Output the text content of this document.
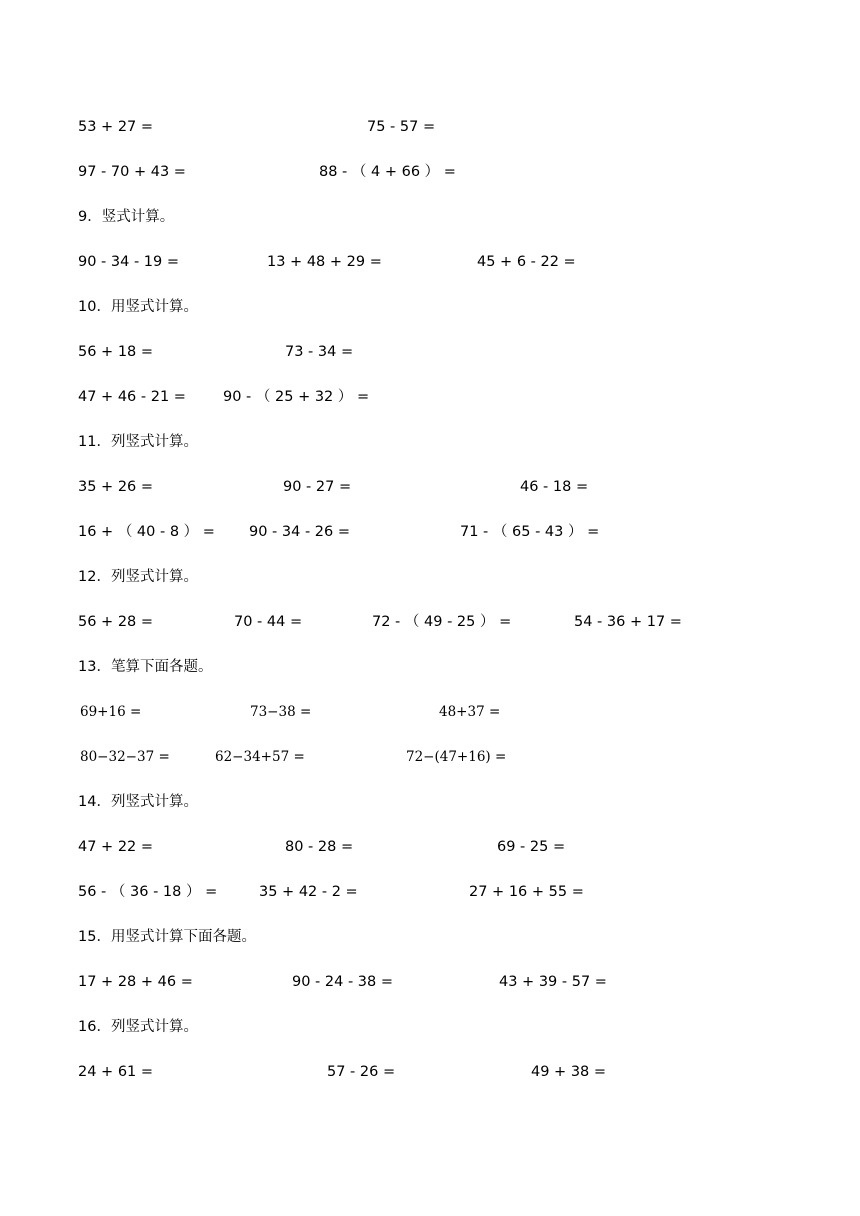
53 + 27 =	75 - 57 =
97 - 70 + 43 =	88 - （ 4 + 66 ） =
9．竖式计算。
90 - 34 - 19 =	13 + 48 + 29 =	45 + 6 - 22 =
10．用竖式计算。
56 + 18 =	73 - 34 =
47 + 46 - 21 =	90 - （ 25 + 32 ） =
11．列竖式计算。
35 + 26 =	90 - 27 =	46 - 18 =
16 + （ 40 - 8 ） = 90 - 34 - 26 =	71 - （ 65 - 43 ） =
12．列竖式计算。
56 + 28 =	70 - 44 =	72 - （ 49 - 25 ） =	54 - 36 + 17 =
13．笔算下面各题。
69+16 =	73−38 =	48+37 =
80−32−37 =	62−34+57 =	72−(47+16) =
14．列竖式计算。
47 + 22 =	80 - 28 =	69 - 25 =
56 - （ 36 - 18 ） =	35 + 42 - 2 =	27 + 16 + 55 =
15．用竖式计算下面各题。
17 + 28 + 46 =	90 - 24 - 38 =	43 + 39 - 57 =
16．列竖式计算。
24 + 61 =	57 - 26 =	49 + 38 =
